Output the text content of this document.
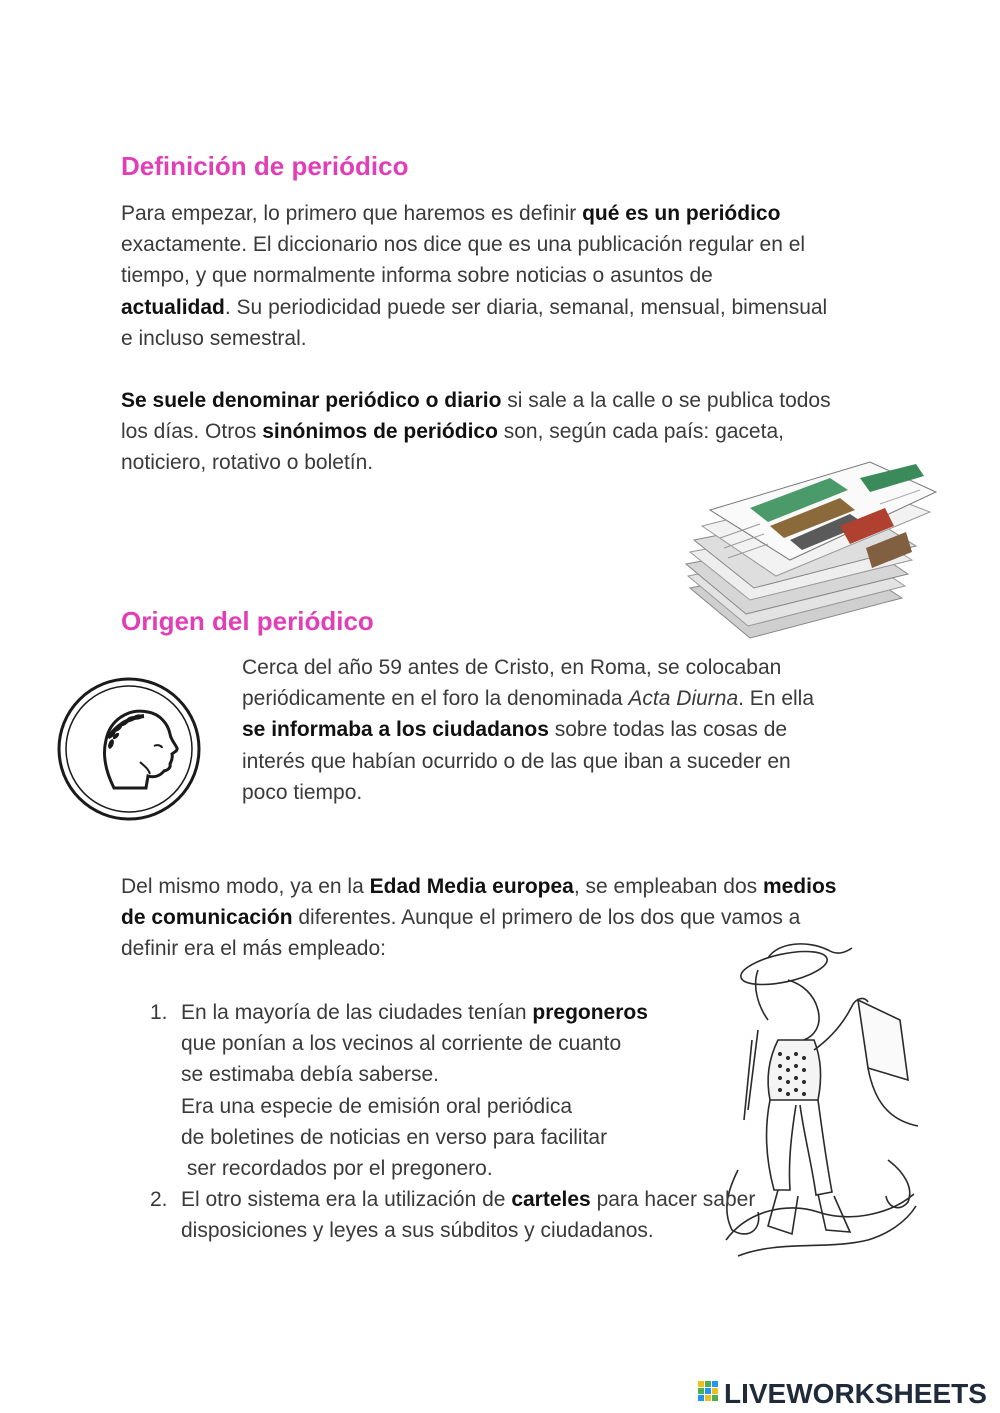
Definición de periódico

Para empezar, lo primero que haremos es definir qué es un periódico
exactamente. El diccionario nos dice que es una publicación regular en el
tiempo, y que normalmente informa sobre noticias o asuntos de
actualidad. Su periodicidad puede ser diaria, semanal, mensual, bimensual
e incluso semestral.

Se suele denominar periódico o diario si sale a la calle o se publica todos
los días. Otros sinónimos de periódico son, según cada país: gaceta,
noticiero, rotativo o boletín.

Origen del periódico

Cerca del año 59 antes de Cristo, en Roma, se colocaban
periódicamente en el foro la denominada Acta Diurna. En ella
se informaba a los ciudadanos sobre todas las cosas de
interés que habían ocurrido o de las que iban a suceder en
poco tiempo.

Del mismo modo, ya en la Edad Media europea, se empleaban dos medios
de comunicación diferentes. Aunque el primero de los dos que vamos a
definir era el más empleado:

1. En la mayoría de las ciudades tenían pregoneros
que ponían a los vecinos al corriente de cuanto
se estimaba debía saberse.
Era una especie de emisión oral periódica
de boletines de noticias en verso para facilitar
ser recordados por el pregonero.
2. El otro sistema era la utilización de carteles para hacer saber
disposiciones y leyes a sus súbditos y ciudadanos.
LIVEWORKSHEETS
